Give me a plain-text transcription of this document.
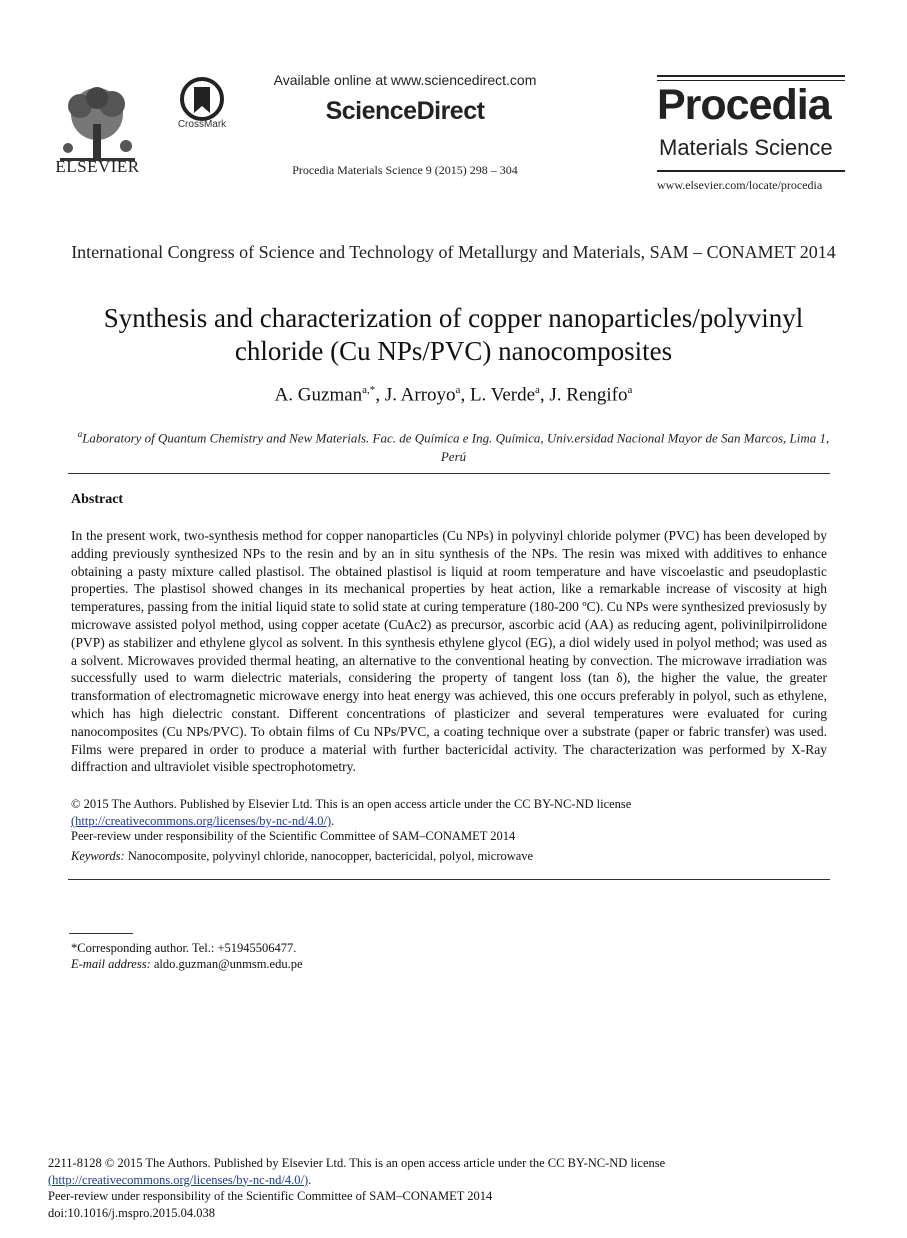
ELSEVIER
CrossMark
Available online at www.sciencedirect.com
ScienceDirect
Procedia Materials Science 9 (2015) 298 – 304
Procedia
Materials Science
www.elsevier.com/locate/procedia
International Congress of Science and Technology of Metallurgy and Materials, SAM – CONAMET 2014
Synthesis and characterization of copper nanoparticles/polyvinyl chloride (Cu NPs/PVC) nanocomposites
A. Guzman$^{a,*}$, J. Arroyo$^a$, L. Verde$^a$, J. Rengifo$^a$
$^a$Laboratory of Quantum Chemistry and New Materials. Fac. de Química e Ing. Química, Univ.ersidad Nacional Mayor de San Marcos, Lima 1, Perú
Abstract
In the present work, two-synthesis method for copper nanoparticles (Cu NPs) in polyvinyl chloride polymer (PVC) has been developed by adding previously synthesized NPs to the resin and by an in situ synthesis of the NPs. The resin was mixed with additives to enhance obtaining a pasty mixture called plastisol. The obtained plastisol is liquid at room temperature and have viscoelastic and pseudoplastic properties. The plastisol showed changes in its mechanical properties by heat action, like a remarkable increase of viscosity at high temperatures, passing from the initial liquid state to solid state at curing temperature (180-200 ºC). Cu NPs were synthesized previosusly by microwave assisted polyol method, using copper acetate (CuAc2) as precursor, ascorbic acid (AA) as reducing agent, polivinilpirrolidone (PVP) as stabilizer and ethylene glycol as solvent. In this synthesis ethylene glycol (EG), a diol widely used in polyol method; was used as a solvent. Microwaves provided thermal heating, an alternative to the conventional heating by convection. The microwave irradiation was successfully used to warm dielectric materials, considering the property of tangent loss (tan δ), the higher the value, the greater transformation of electromagnetic microwave energy into heat energy was achieved, this one occurs preferably in polyol, such as ethylene, which has high dielectric constant. Different concentrations of plasticizer and several temperatures were evaluated for curing nanocomposites (Cu NPs/PVC). To obtain films of Cu NPs/PVC, a coating technique over a substrate (paper or fabric transfer) was used. Films were prepared in order to produce a material with further bactericidal activity. The characterization was performed by X-Ray diffraction and ultraviolet visible spectrophotometry.
© 2015 The Authors. Published by Elsevier Ltd. This is an open access article under the CC BY-NC-ND license
(http://creativecommons.org/licenses/by-nc-nd/4.0/).
Peer-review under responsibility of the Scientific Committee of SAM–CONAMET 2014
Keywords: Nanocomposite, polyvinyl chloride, nanocopper, bactericidal, polyol, microwave
*Corresponding author. Tel.: +51945506477.
E-mail address: aldo.guzman@unmsm.edu.pe
2211-8128 © 2015 The Authors. Published by Elsevier Ltd. This is an open access article under the CC BY-NC-ND license
(http://creativecommons.org/licenses/by-nc-nd/4.0/).
Peer-review under responsibility of the Scientific Committee of SAM–CONAMET 2014
doi:10.1016/j.mspro.2015.04.038
